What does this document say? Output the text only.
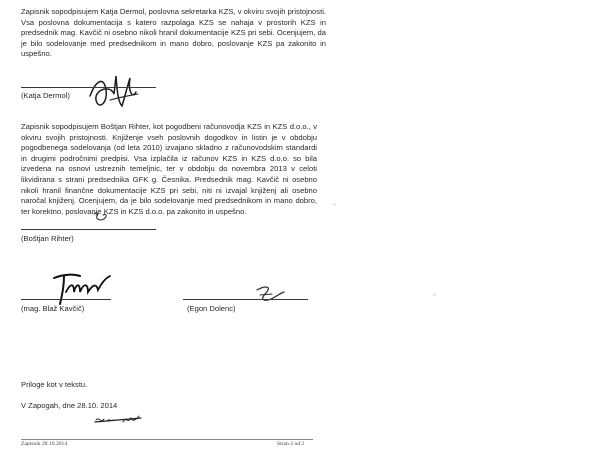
·
·

Zapisnik sopodpisujem Katja Dermol, poslovna sekretarka KZS, v okviru svojih pristojnosti. Vsa poslovna dokumentacija s katero razpolaga KZS se nahaja v prostorih KZS in predsednik mag. Kavčič ni osebno nikoli hranil dokumentacije KZS pri sebi. Ocenjujem, da je bilo sodelovanje med predsednikom in mano dobro, poslovanje KZS pa zakonito in uspešno.

(Katja Dermol)

Zapisnik sopodpisujem Boštjan Rihter, kot pogodbeni računovodja KZS in KZS d.o.o., v okviru svojih pristojnosti. Knjiženje vseh poslovnih dogodkov in listin je v obdobju pogodbenega sodelovanja (od leta 2010) izvajano skladno z računovodskim standardi in drugimi področnimi predpisi. Vsa izplačila iz računov KZS in KZS d.o.o. so bila izvedena na osnovi ustreznih temeljnic, ter v obdobju do novembra 2013 v celoti likvidirana s strani predsednika GFK g. Česnika. Predsednik mag. Kavčič ni osebno nikoli hranil finančne dokumentacije KZS pri sebi, niti ni izvajal knjiženj ali osebno naročal knjiženj. Ocenjujem, da je bilo sodelovanje med predsednikom in mano dobro, ter korektno, poslovanje KZS in KZS d.o.o. pa zakonito in uspešno.

(Boštjan Rihter)
(mag. Blaž Kavčič)	(Egon Dolenc)
Priloge kot v tekstu.
V Zapogah, dne 28.10. 2014
Zapisnik 28.10.2014	Stran 2 od 2
